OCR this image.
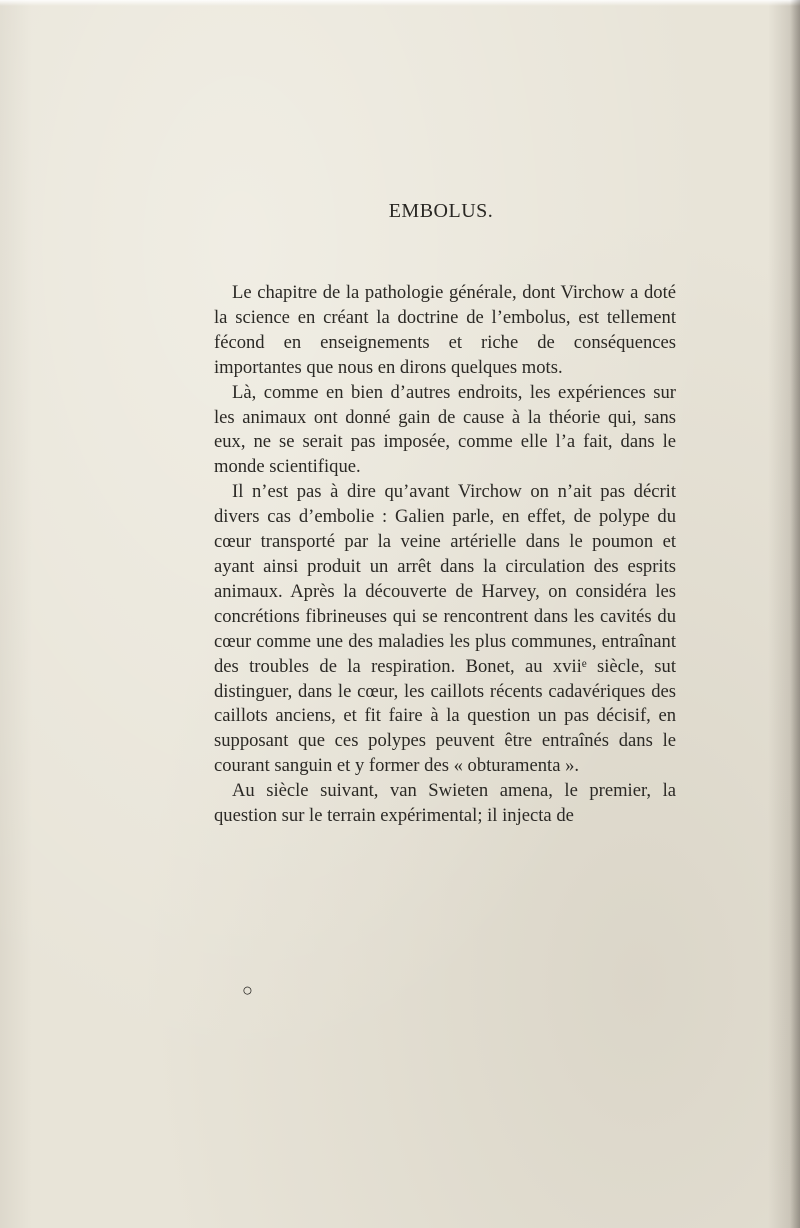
EMBOLUS.

Le chapitre de la pathologie générale, dont Virchow a doté la science en créant la doctrine de l’embolus, est tellement fécond en enseignements et riche de conséquences importantes que nous en dirons quelques mots.

Là, comme en bien d’autres endroits, les expériences sur les animaux ont donné gain de cause à la théorie qui, sans eux, ne se serait pas imposée, comme elle l’a fait, dans le monde scientifique.

Il n’est pas à dire qu’avant Virchow on n’ait pas décrit divers cas d’embolie : Galien parle, en effet, de polype du cœur transporté par la veine artérielle dans le poumon et ayant ainsi produit un arrêt dans la circulation des esprits animaux. Après la découverte de Harvey, on considéra les concrétions fibrineuses qui se rencontrent dans les cavités du cœur comme une des maladies les plus communes, entraînant des troubles de la respiration. Bonet, au xviiᵉ siècle, sut distinguer, dans le cœur, les caillots récents cadavériques des caillots anciens, et fit faire à la question un pas décisif, en supposant que ces polypes peuvent être entraînés dans le courant sanguin et y former des « obturamenta ».

Au siècle suivant, van Swieten amena, le premier, la question sur le terrain expérimental; il injecta de

○
